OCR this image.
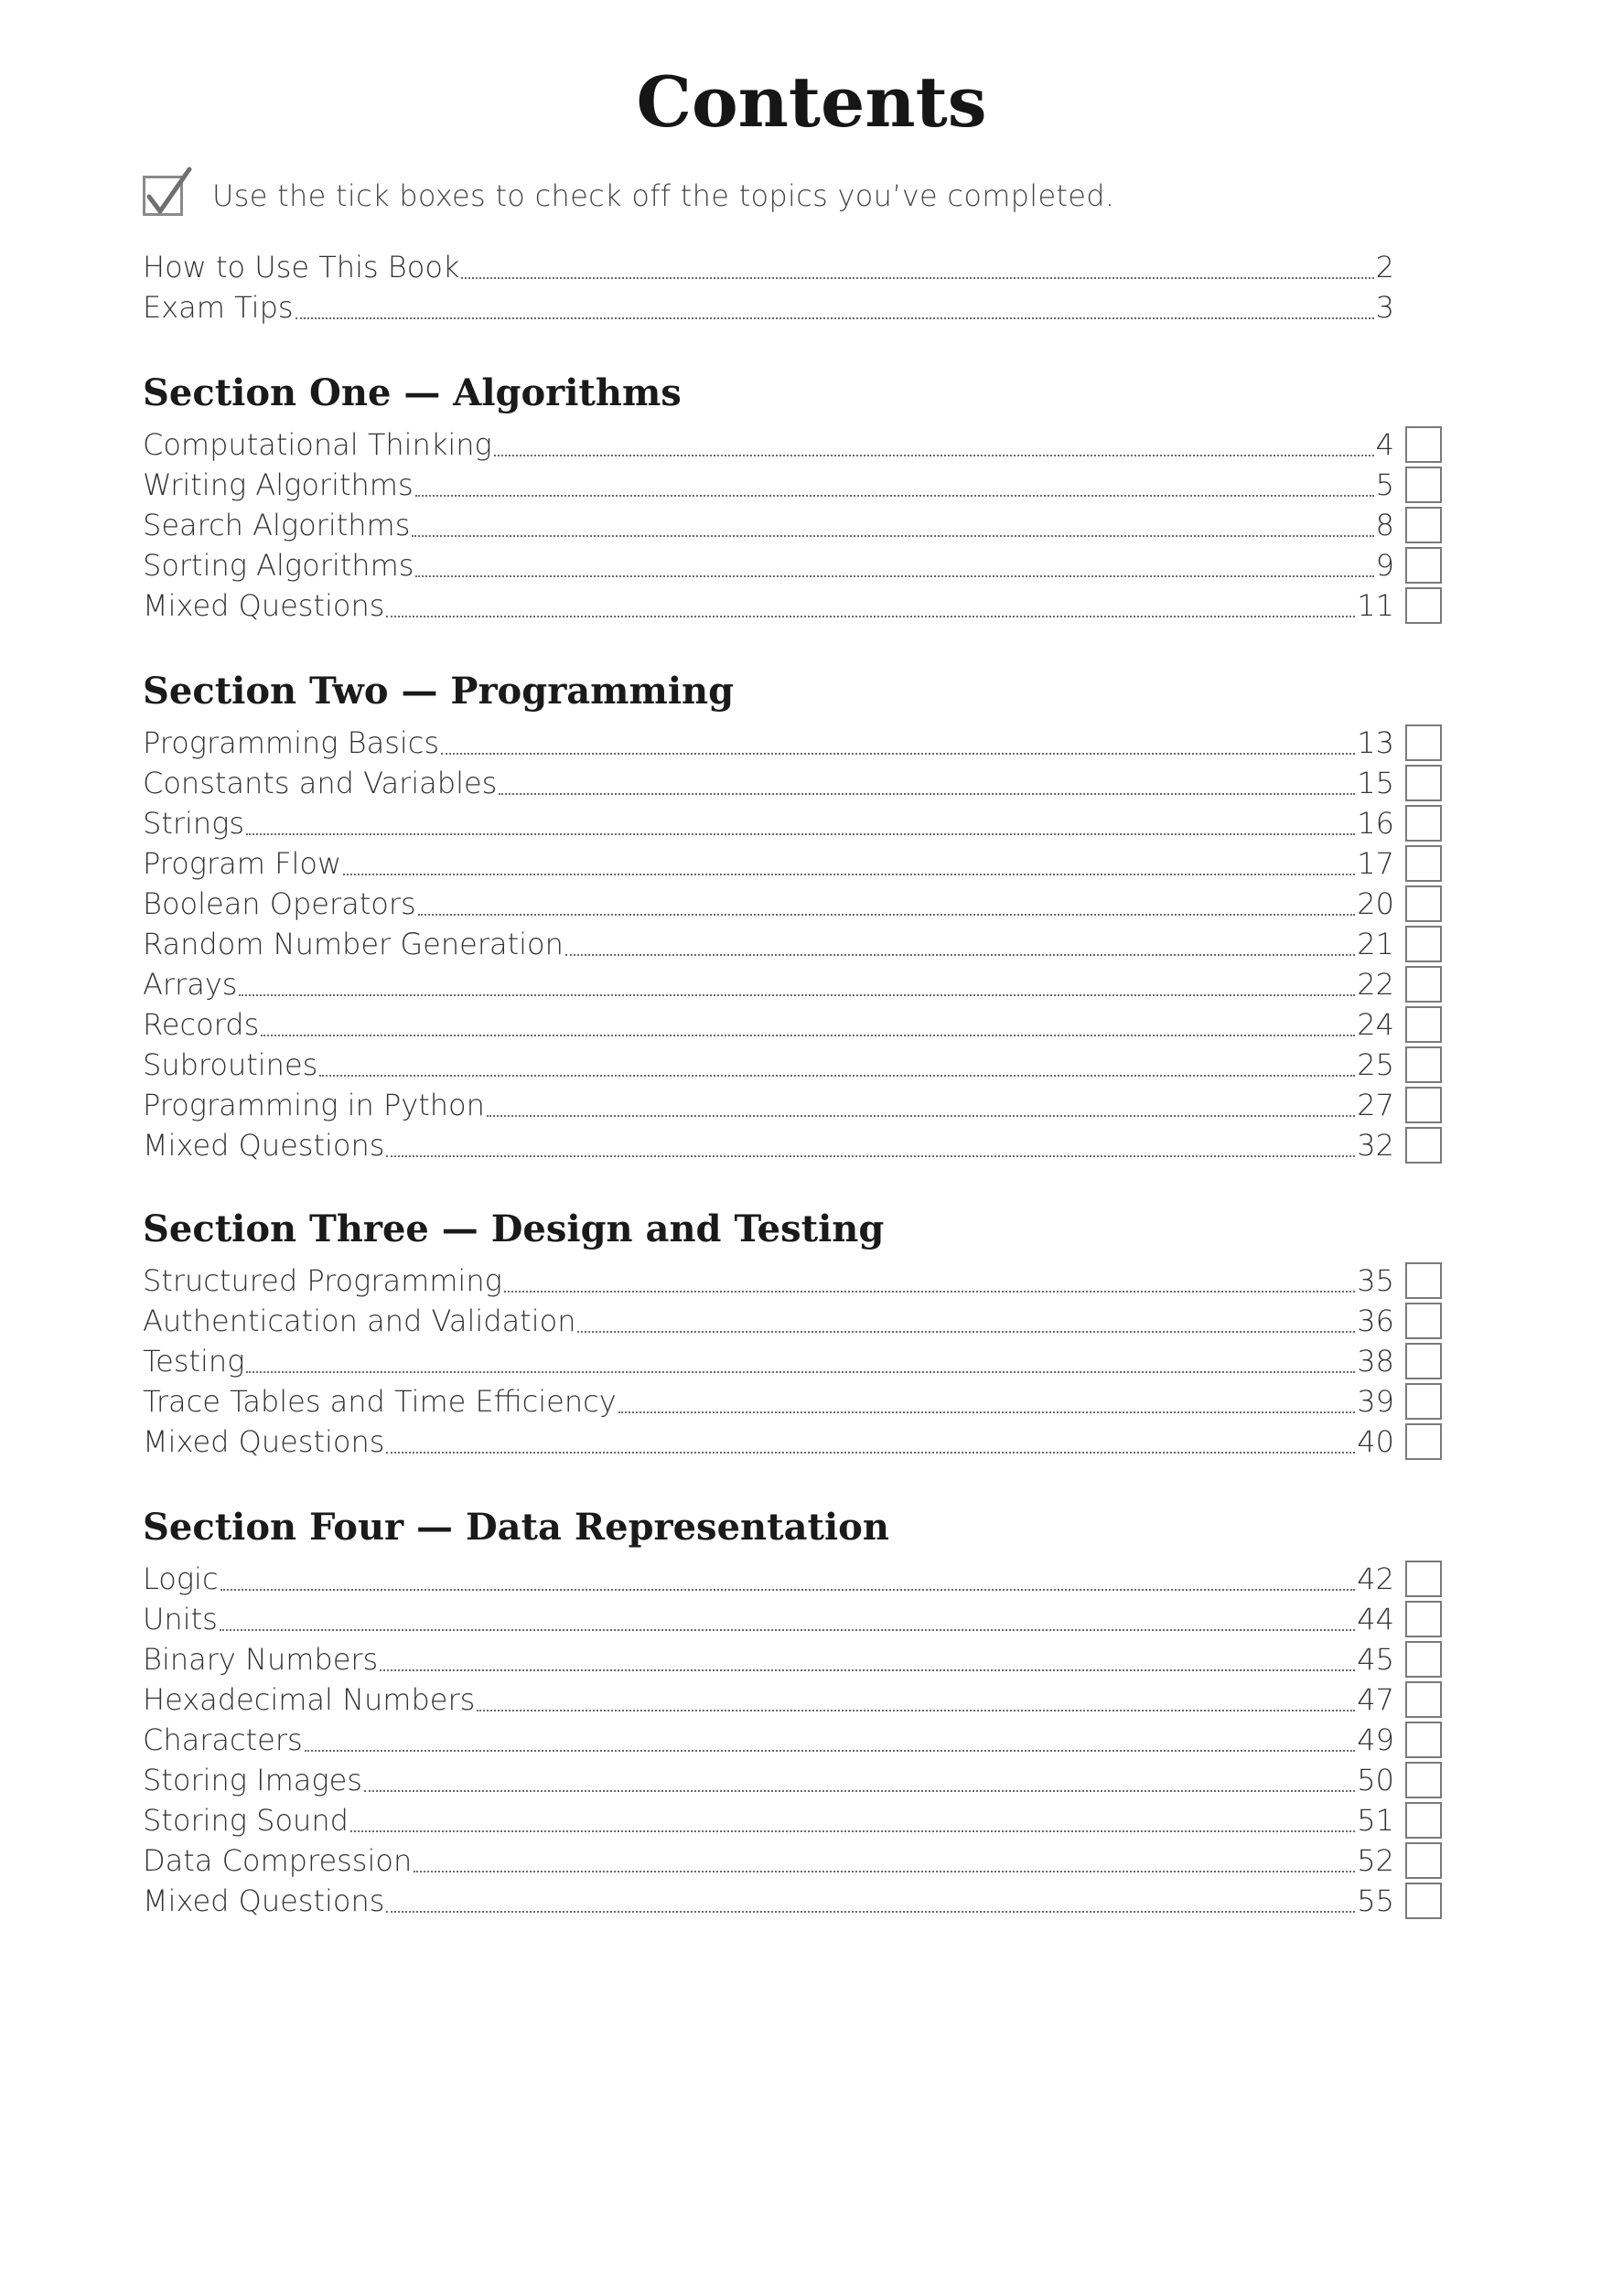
Contents
Use the tick boxes to check off the topics you’ve completed.
How to Use This Book	2
Exam Tips	3
Section One — Algorithms
Computational Thinking	4
Writing Algorithms	5
Search Algorithms	8
Sorting Algorithms	9
Mixed Questions	11
Section Two — Programming
Programming Basics	13
Constants and Variables	15
Strings	16
Program Flow	17
Boolean Operators	20
Random Number Generation	21
Arrays	22
Records	24
Subroutines	25
Programming in Python	27
Mixed Questions	32
Section Three — Design and Testing
Structured Programming	35
Authentication and Validation	36
Testing	38
Trace Tables and Time Efficiency	39
Mixed Questions	40
Section Four — Data Representation
Logic	42
Units	44
Binary Numbers	45
Hexadecimal Numbers	47
Characters	49
Storing Images	50
Storing Sound	51
Data Compression	52
Mixed Questions	55
